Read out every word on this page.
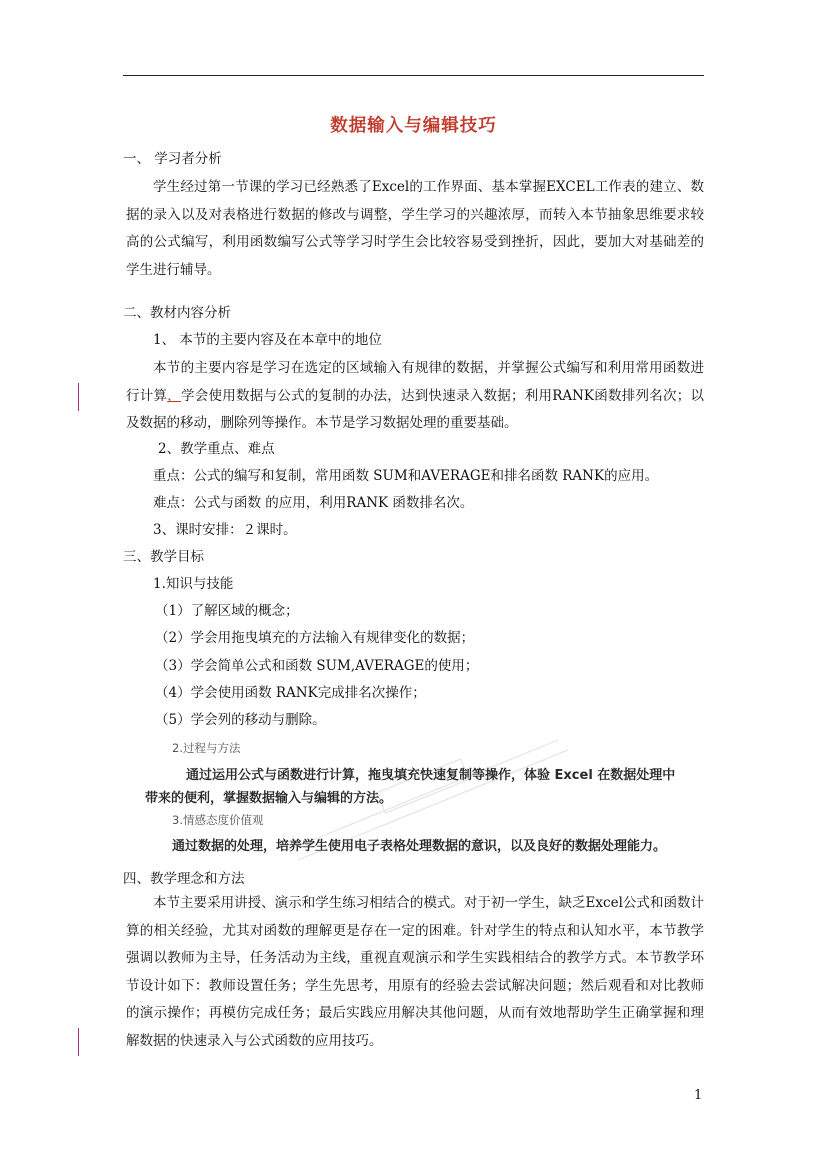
数据输入与编辑技巧
一、 学习者分析
学生经过第一节课的学习已经熟悉了Excel的工作界面、基本掌握EXCEL工作表的建立、数据的录入以及对表格进行数据的修改与调整，学生学习的兴趣浓厚，而转入本节抽象思维要求较高的公式编写，利用函数编写公式等学习时学生会比较容易受到挫折，因此，要加大对基础差的学生进行辅导。
二、教材内容分析
1、 本节的主要内容及在本章中的地位
本节的主要内容是学习在选定的区域输入有规律的数据，并掌握公式编写和利用常用函数进行计算，学会使用数据与公式的复制的办法，达到快速录入数据；利用RANK函数排列名次；以及数据的移动，删除列等操作。本节是学习数据处理的重要基础。
2、教学重点、难点
重点：公式的编写和复制，常用函数 SUM和AVERAGE和排名函数 RANK的应用。
难点：公式与函数 的应用，利用RANK 函数排名次。
3、课时安排：２课时。
三、教学目标
1.知识与技能
（1）了解区域的概念；
（2）学会用拖曳填充的方法输入有规律变化的数据；
（3）学会简单公式和函数 SUM,AVERAGE的使用；
（4）学会使用函数 RANK完成排名次操作；
（5）学会列的移动与删除。
2.过程与方法
通过运用公式与函数进行计算，拖曳填充快速复制等操作，体验 Excel 在数据处理中
带来的便利，掌握数据输入与编辑的方法。
3.情感态度价值观
通过数据的处理，培养学生使用电子表格处理数据的意识，以及良好的数据处理能力。
四、教学理念和方法
本节主要采用讲授、演示和学生练习相结合的模式。对于初一学生，缺乏Excel公式和函数计算的相关经验，尤其对函数的理解更是存在一定的困难。针对学生的特点和认知水平，本节教学强调以教师为主导，任务活动为主线，重视直观演示和学生实践相结合的教学方式。本节教学环节设计如下：教师设置任务；学生先思考，用原有的经验去尝试解决问题；然后观看和对比教师的演示操作；再模仿完成任务；最后实践应用解决其他问题，从而有效地帮助学生正确掌握和理解数据的快速录入与公式函数的应用技巧。
1
